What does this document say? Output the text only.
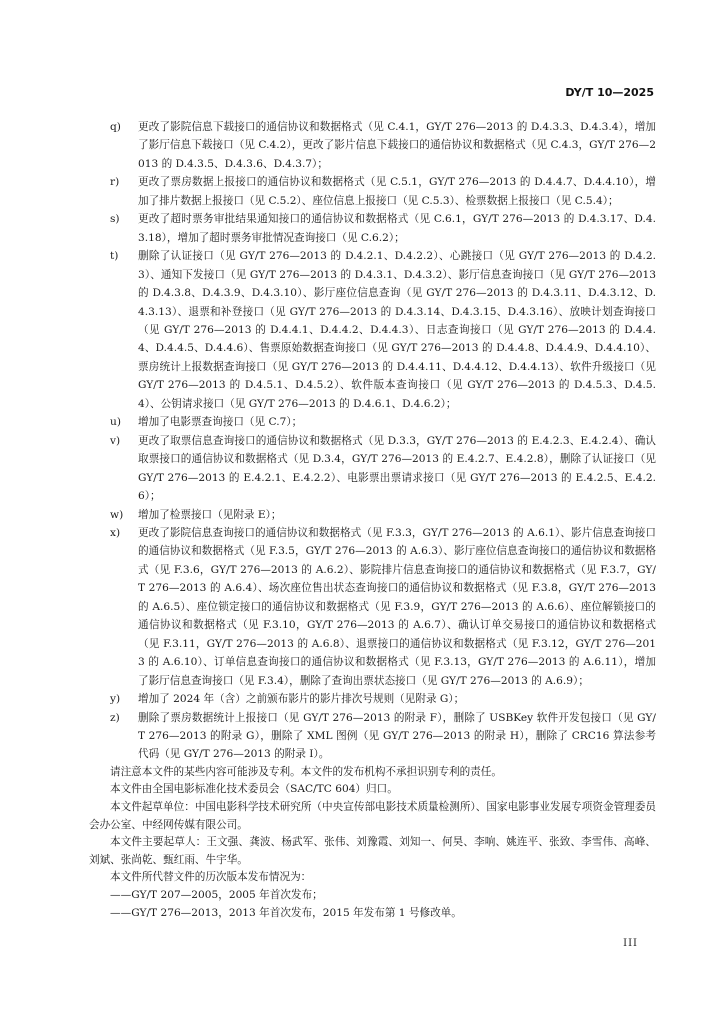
DY/T 10—2025
q) 更改了影院信息下载接口的通信协议和数据格式（见 C.4.1，GY/T 276—2013 的 D.4.3.3、D.4.3.4），增加了影厅信息下载接口（见 C.4.2），更改了影片信息下载接口的通信协议和数据格式（见 C.4.3，GY/T 276—2013 的 D.4.3.5、D.4.3.6、D.4.3.7）；
r) 更改了票房数据上报接口的通信协议和数据格式（见 C.5.1，GY/T 276—2013 的 D.4.4.7、D.4.4.10），增加了排片数据上报接口（见 C.5.2）、座位信息上报接口（见 C.5.3）、检票数据上报接口（见 C.5.4）；
s) 更改了超时票务审批结果通知接口的通信协议和数据格式（见 C.6.1，GY/T 276—2013 的 D.4.3.17、D.4.3.18），增加了超时票务审批情况查询接口（见 C.6.2）；
t) 删除了认证接口（见 GY/T 276—2013 的 D.4.2.1、D.4.2.2）、心跳接口（见 GY/T 276—2013 的 D.4.2.3）、通知下发接口（见 GY/T 276—2013 的 D.4.3.1、D.4.3.2）、影厅信息查询接口（见 GY/T 276—2013 的 D.4.3.8、D.4.3.9、D.4.3.10）、影厅座位信息查询（见 GY/T 276—2013 的 D.4.3.11、D.4.3.12、D.4.3.13）、退票和补登接口（见 GY/T 276—2013 的 D.4.3.14、D.4.3.15、D.4.3.16）、放映计划查询接口（见 GY/T 276—2013 的 D.4.4.1、D.4.4.2、D.4.4.3）、日志查询接口（见 GY/T 276—2013 的 D.4.4.4、D.4.4.5、D.4.4.6）、售票原始数据查询接口（见 GY/T 276—2013 的 D.4.4.8、D.4.4.9、D.4.4.10）、票房统计上报数据查询接口（见 GY/T 276—2013 的 D.4.4.11、D.4.4.12、D.4.4.13）、软件升级接口（见 GY/T 276—2013 的 D.4.5.1、D.4.5.2）、软件版本查询接口（见 GY/T 276—2013 的 D.4.5.3、D.4.5.4）、公钥请求接口（见 GY/T 276—2013 的 D.4.6.1、D.4.6.2）；
u) 增加了电影票查询接口（见 C.7）；
v) 更改了取票信息查询接口的通信协议和数据格式（见 D.3.3，GY/T 276—2013 的 E.4.2.3、E.4.2.4）、确认取票接口的通信协议和数据格式（见 D.3.4，GY/T 276—2013 的 E.4.2.7、E.4.2.8），删除了认证接口（见 GY/T 276—2013 的 E.4.2.1、E.4.2.2）、电影票出票请求接口（见 GY/T 276—2013 的 E.4.2.5、E.4.2.6）；
w) 增加了检票接口（见附录 E）；
x) 更改了影院信息查询接口的通信协议和数据格式（见 F.3.3，GY/T 276—2013 的 A.6.1）、影片信息查询接口的通信协议和数据格式（见 F.3.5，GY/T 276—2013 的 A.6.3）、影厅座位信息查询接口的通信协议和数据格式（见 F.3.6，GY/T 276—2013 的 A.6.2）、影院排片信息查询接口的通信协议和数据格式（见 F.3.7，GY/T 276—2013 的 A.6.4）、场次座位售出状态查询接口的通信协议和数据格式（见 F.3.8，GY/T 276—2013 的 A.6.5）、座位锁定接口的通信协议和数据格式（见 F.3.9，GY/T 276—2013 的 A.6.6）、座位解锁接口的通信协议和数据格式（见 F.3.10，GY/T 276—2013 的 A.6.7）、确认订单交易接口的通信协议和数据格式（见 F.3.11，GY/T 276—2013 的 A.6.8）、退票接口的通信协议和数据格式（见 F.3.12，GY/T 276—2013 的 A.6.10）、订单信息查询接口的通信协议和数据格式（见 F.3.13，GY/T 276—2013 的 A.6.11），增加了影厅信息查询接口（见 F.3.4），删除了查询出票状态接口（见 GY/T 276—2013 的 A.6.9）；
y) 增加了 2024 年（含）之前颁布影片的影片排次号规则（见附录 G）；
z) 删除了票房数据统计上报接口（见 GY/T 276—2013 的附录 F），删除了 USBKey 软件开发包接口（见 GY/T 276—2013 的附录 G），删除了 XML 图例（见 GY/T 276—2013 的附录 H），删除了 CRC16 算法参考代码（见 GY/T 276—2013 的附录 I）。
请注意本文件的某些内容可能涉及专利。本文件的发布机构不承担识别专利的责任。
本文件由全国电影标准化技术委员会（SAC/TC 604）归口。
本文件起草单位：中国电影科学技术研究所（中央宣传部电影技术质量检测所）、国家电影事业发展专项资金管理委员会办公室、中经网传媒有限公司。
本文件主要起草人：王文强、龚波、杨武军、张伟、刘豫霞、刘知一、何昊、李响、姚连平、张致、李雪伟、高峰、刘斌、张尚乾、甄红雨、牛宇华。
本文件所代替文件的历次版本发布情况为：
——GY/T 207—2005，2005 年首次发布；
——GY/T 276—2013，2013 年首次发布，2015 年发布第 1 号修改单。
III
